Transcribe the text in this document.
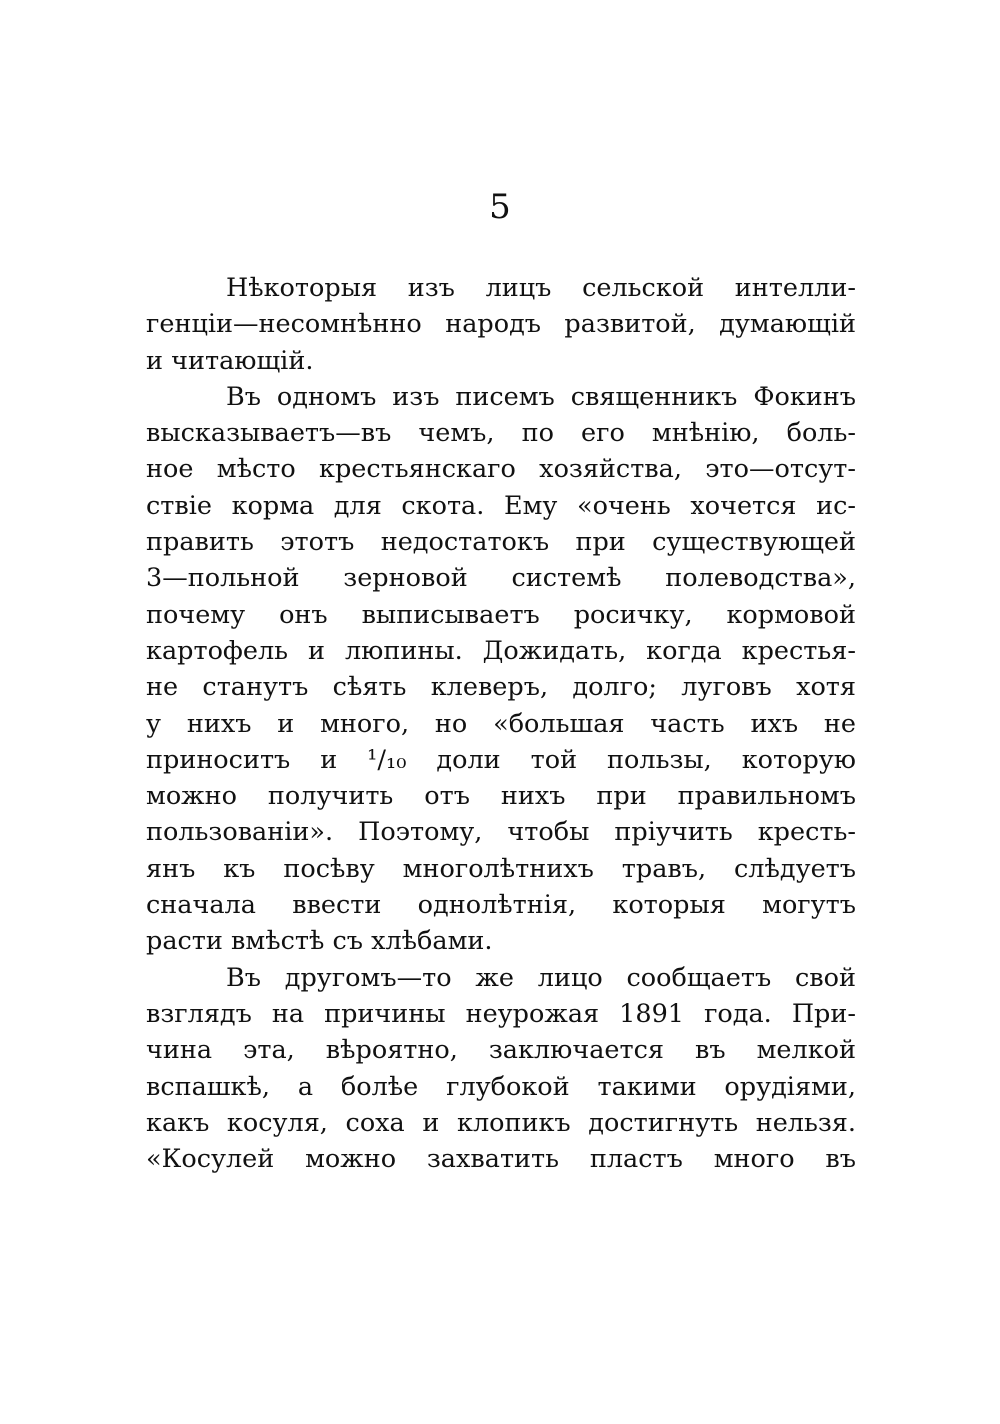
5
Нѣкоторыя изъ лицъ сельской интелли-
генціи—несомнѣнно народъ развитой, думающій
и читающій.
Въ одномъ изъ писемъ священникъ Фокинъ
высказываетъ—въ чемъ, по его мнѣнію, боль-
ное мѣсто крестьянскаго хозяйства, это—отсут-
ствіе корма для скота. Ему «очень хочется ис-
править этотъ недостатокъ при существующей
3—польной зерновой системѣ полеводства»,
почему онъ выписываетъ росичку, кормовой
картофель и люпины. Дожидать, когда крестья-
не станутъ сѣять клеверъ, долго; луговъ хотя
у нихъ и много, но «большая часть ихъ не
приноситъ и ¹/₁₀ доли той пользы, которую
можно получить отъ нихъ при правильномъ
пользованіи». Поэтому, чтобы пріучить кресть-
янъ къ посѣву многолѣтнихъ травъ, слѣдуетъ
сначала ввести однолѣтнія, которыя могутъ
расти вмѣстѣ съ хлѣбами.
Въ другомъ—то же лицо сообщаетъ свой
взглядъ на причины неурожая 1891 года. При-
чина эта, вѣроятно, заключается въ мелкой
вспашкѣ, а болѣе глубокой такими орудіями,
какъ косуля, соха и клопикъ достигнуть нельзя.
«Косулей можно захватить пластъ много въ
